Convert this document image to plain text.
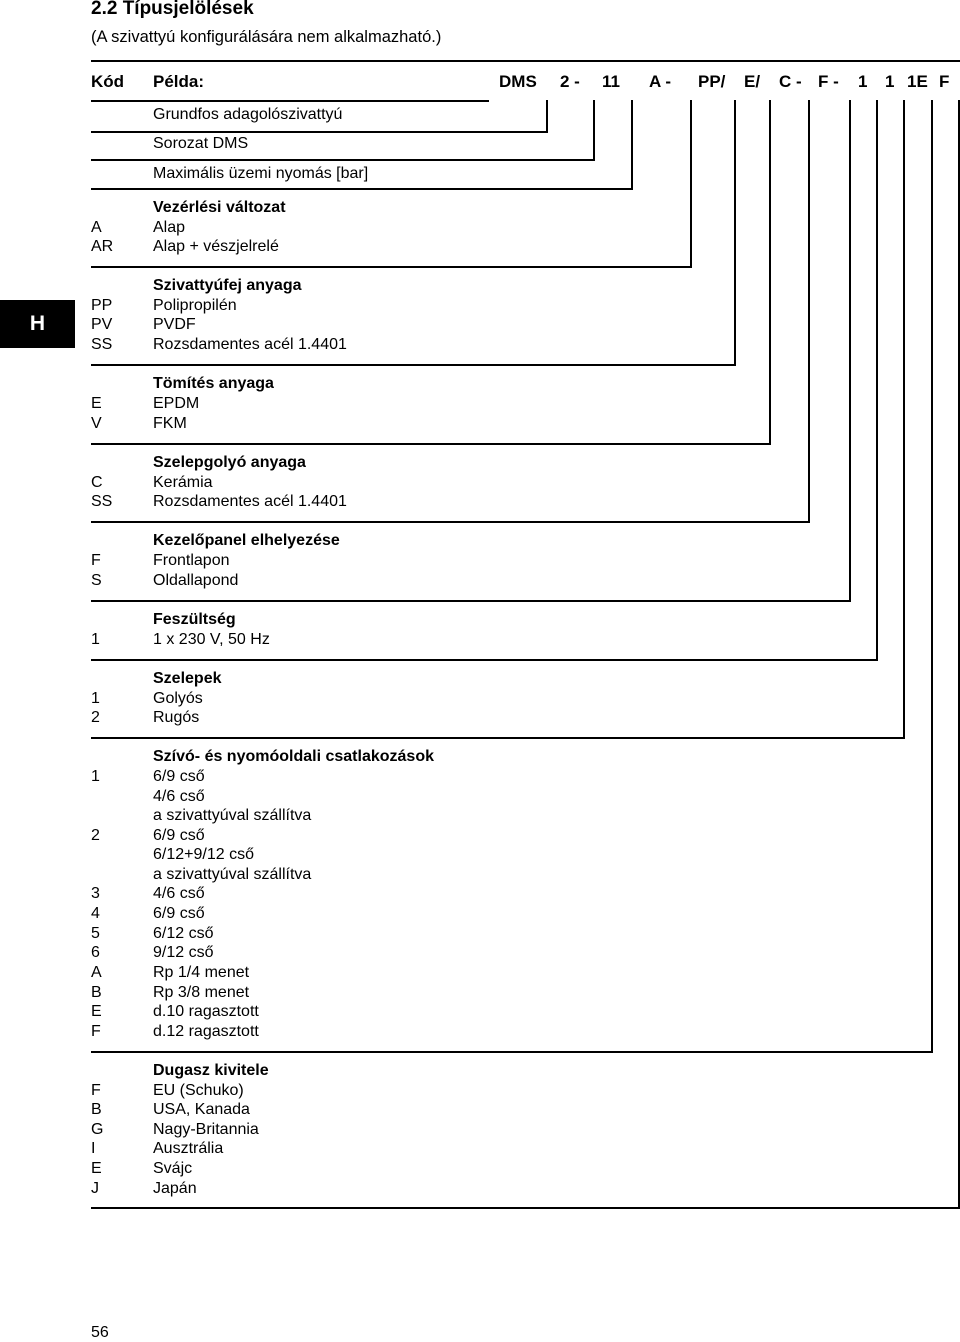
2.2 Típusjelölések
(A szivattyú konfigurálására nem alkalmazható.)
Kód Példa:	DMS 2 - 11 A - PP/ E/ C - F - 1 1 1E F
Grundfos adagolószivattyú
Sorozat DMS
Maximális üzemi nyomás [bar]
Vezérlési változat
A	Alap
AR Alap + vészjelrelé
Szivattyúfej anyaga
PP	Polipropilén
PV	PVDF
SS	Rozsdamentes acél 1.4401
Tömítés anyaga
E	EPDM
V	FKM
Szelepgolyó anyaga
C	Kerámia
SS	Rozsdamentes acél 1.4401
Kezelőpanel elhelyezése
F	Frontlapon
S	Oldallapond
Feszültség
1	1 x 230 V, 50 Hz
Szelepek
1	Golyós
2	Rugós
Szívó- és nyomóoldali csatlakozások
1	6/9 cső
4/6 cső
a szivattyúval szállítva
2	6/9 cső
6/12+9/12 cső
a szivattyúval szállítva
3	4/6 cső
4	6/9 cső
5	6/12 cső
6	9/12 cső
A	Rp 1/4 menet
B	Rp 3/8 menet
E	d.10 ragasztott
F	d.12 ragasztott
Dugasz kivitele
F	EU (Schuko)
B	USA, Kanada
G	Nagy-Britannia
I	Ausztrália
E	Svájc
J	Japán
H
56
